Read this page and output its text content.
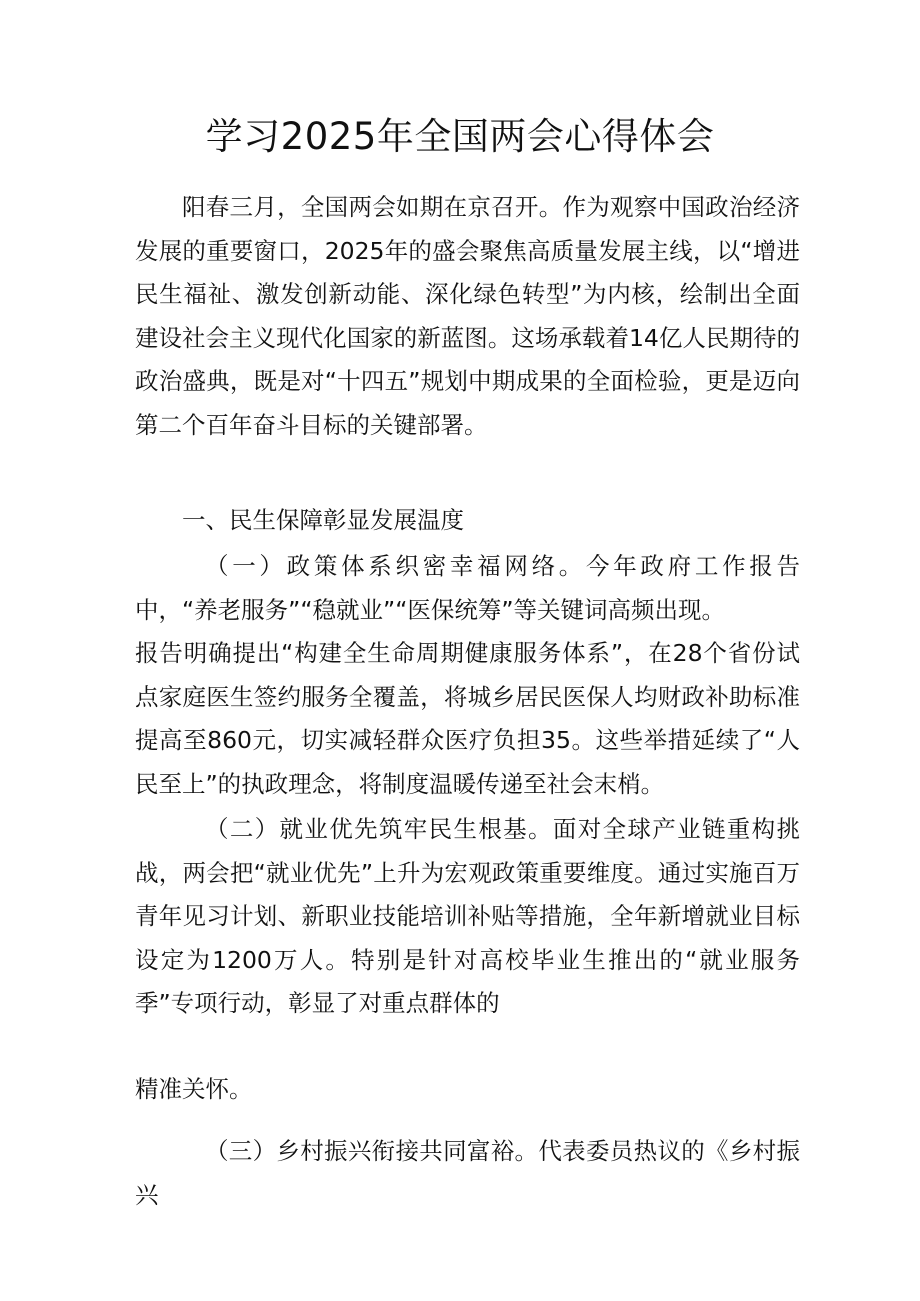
学习2025年全国两会心得体会

阳春三月，全国两会如期在京召开。作为观察中国政治经济发展的重要窗口，2025年的盛会聚焦高质量发展主线，以“增进民生福祉、激发创新动能、深化绿色转型”为内核，绘制出全面建设社会主义现代化国家的新蓝图。这场承载着14亿人民期待的政治盛典，既是对“十四五”规划中期成果的全面检验，更是迈向第二个百年奋斗目标的关键部署。

一、民生保障彰显发展温度

（一）政策体系织密幸福网络。今年政府工作报告中，“养老服务”“稳就业”“医保统筹”等关键词高频出现。

报告明确提出“构建全生命周期健康服务体系”，在28个省份试点家庭医生签约服务全覆盖，将城乡居民医保人均财政补助标准提高至860元，切实减轻群众医疗负担35。这些举措延续了“人民至上”的执政理念，将制度温暖传递至社会末梢。

（二）就业优先筑牢民生根基。面对全球产业链重构挑战，两会把“就业优先”上升为宏观政策重要维度。通过实施百万青年见习计划、新职业技能培训补贴等措施，全年新增就业目标设定为1200万人。特别是针对高校毕业生推出的“就业服务季”专项行动，彰显了对重点群体的

精准关怀。

（三）乡村振兴衔接共同富裕。代表委员热议的《乡村振兴
